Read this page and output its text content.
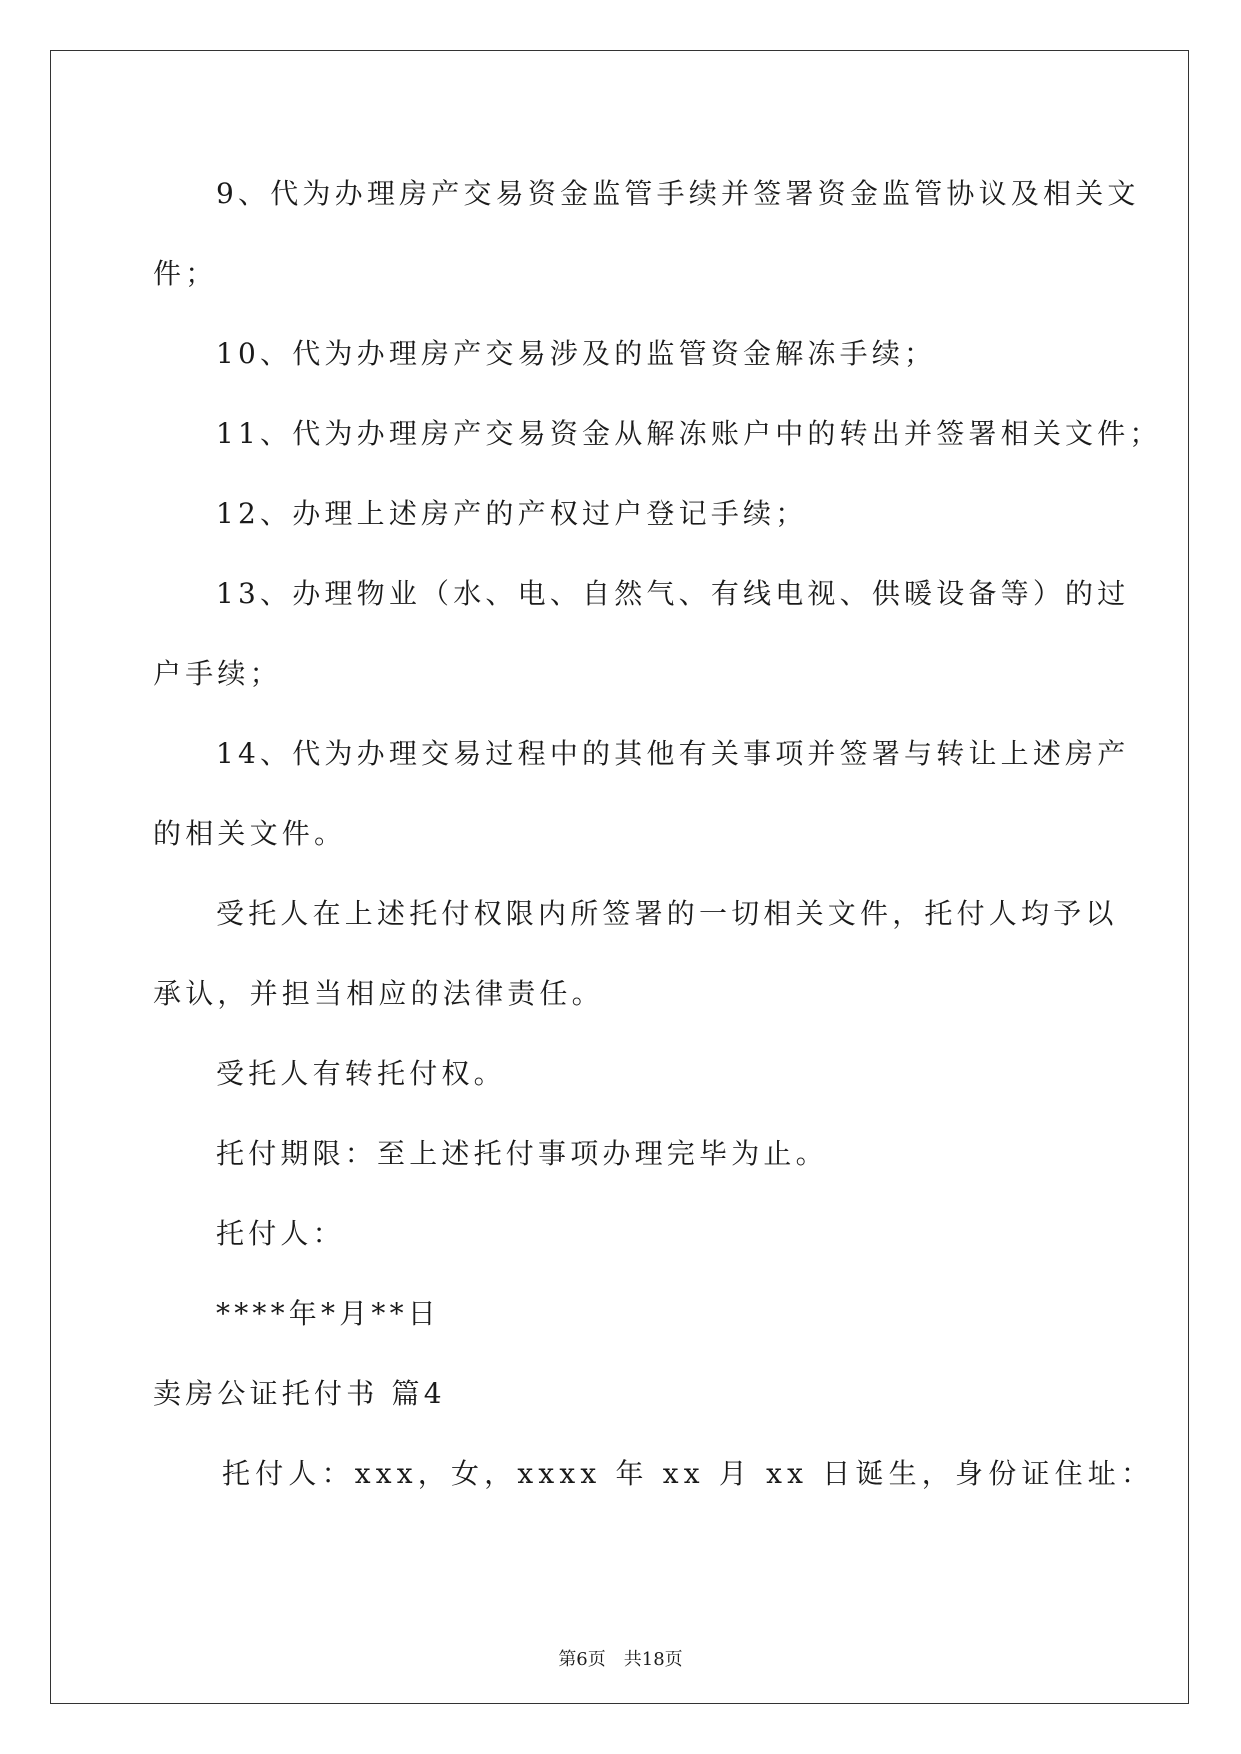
9、代为办理房产交易资金监管手续并签署资金监管协议及相关文
件；
10、代为办理房产交易涉及的监管资金解冻手续；
11、代为办理房产交易资金从解冻账户中的转出并签署相关文件；
12、办理上述房产的产权过户登记手续；
13、办理物业（水、电、自然气、有线电视、供暖设备等）的过
户手续；
14、代为办理交易过程中的其他有关事项并签署与转让上述房产
的相关文件。
受托人在上述托付权限内所签署的一切相关文件，托付人均予以
承认，并担当相应的法律责任。
受托人有转托付权。
托付期限：至上述托付事项办理完毕为止。
托付人：
****年*月**日
卖房公证托付书 篇4
托付人：xxx，女，xxxx 年 xx 月 xx 日诞生，身份证住址：
第6页　共18页
